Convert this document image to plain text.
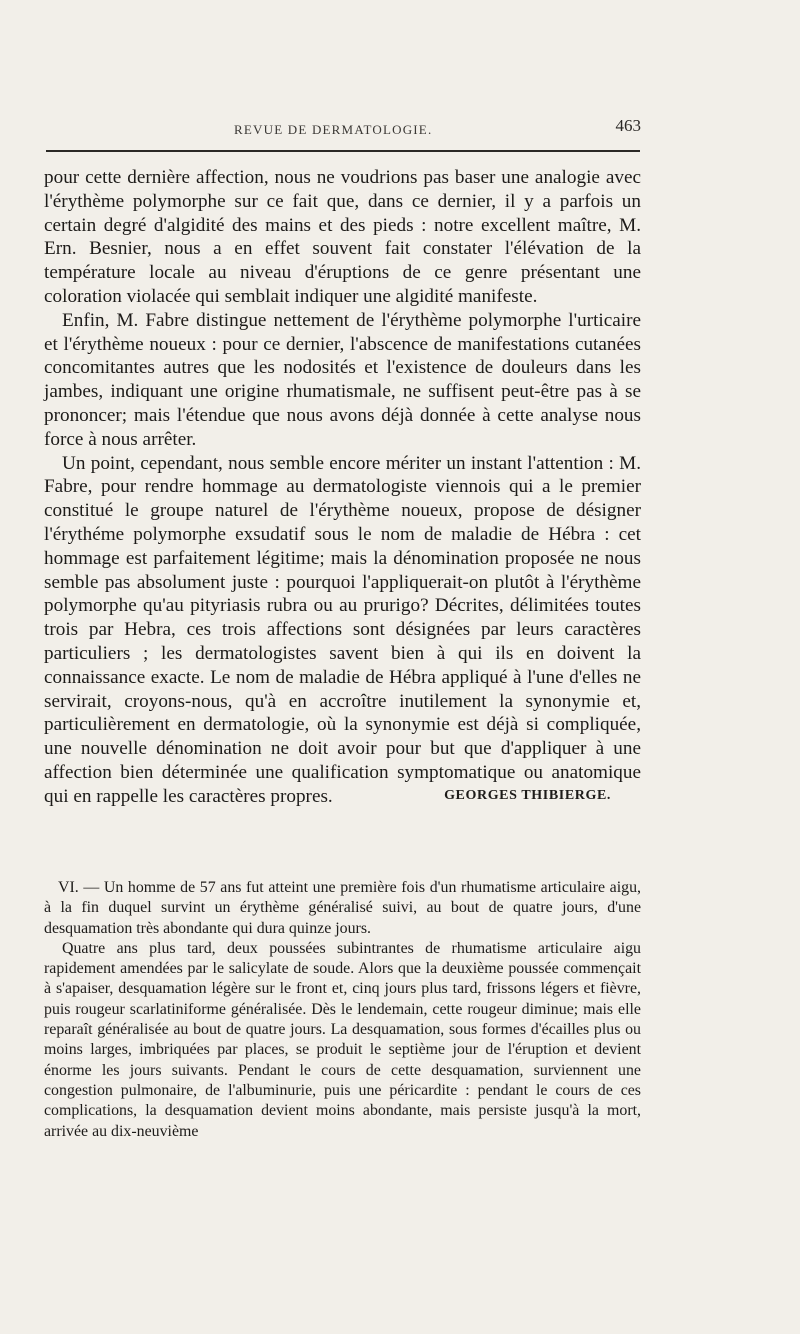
REVUE DE DERMATOLOGIE.	463

pour cette dernière affection, nous ne voudrions pas baser une analogie avec l'érythème polymorphe sur ce fait que, dans ce dernier, il y a parfois un certain degré d'algidité des mains et des pieds : notre excellent maître, M. Ern. Besnier, nous a en effet souvent fait constater l'élévation de la température locale au niveau d'éruptions de ce genre présentant une coloration violacée qui semblait indiquer une algidité manifeste.

Enfin, M. Fabre distingue nettement de l'érythème polymorphe l'urticaire et l'érythème noueux : pour ce dernier, l'abscence de manifestations cutanées concomitantes autres que les nodosités et l'existence de douleurs dans les jambes, indiquant une origine rhumatismale, ne suffisent peut-être pas à se prononcer; mais l'étendue que nous avons déjà donnée à cette analyse nous force à nous arrêter.

Un point, cependant, nous semble encore mériter un instant l'attention : M. Fabre, pour rendre hommage au dermatologiste viennois qui a le premier constitué le groupe naturel de l'érythème noueux, propose de désigner l'érythéme polymorphe exsudatif sous le nom de maladie de Hébra : cet hommage est parfaitement légitime; mais la dénomination proposée ne nous semble pas absolument juste : pourquoi l'appliquerait-on plutôt à l'érythème polymorphe qu'au pityriasis rubra ou au prurigo? Décrites, délimitées toutes trois par Hebra, ces trois affections sont désignées par leurs caractères particuliers ; les dermatologistes savent bien à qui ils en doivent la connaissance exacte. Le nom de maladie de Hébra appliqué à l'une d'elles ne servirait, croyons-nous, qu'à en accroître inutilement la synonymie et, particulièrement en dermatologie, où la synonymie est déjà si compliquée, une nouvelle dénomination ne doit avoir pour but que d'appliquer à une affection bien déterminée une qualification symptomatique ou anatomique qui en rappelle les caractères propres.	GEORGES THIBIERGE.

VI. — Un homme de 57 ans fut atteint une première fois d'un rhumatisme articulaire aigu, à la fin duquel survint un érythème généralisé suivi, au bout de quatre jours, d'une desquamation très abondante qui dura quinze jours.

Quatre ans plus tard, deux poussées subintrantes de rhumatisme articulaire aigu rapidement amendées par le salicylate de soude. Alors que la deuxième poussée commençait à s'apaiser, desquamation légère sur le front et, cinq jours plus tard, frissons légers et fièvre, puis rougeur scarlatiniforme généralisée. Dès le lendemain, cette rougeur diminue; mais elle reparaît généralisée au bout de quatre jours. La desquamation, sous formes d'écailles plus ou moins larges, imbriquées par places, se produit le septième jour de l'éruption et devient énorme les jours suivants. Pendant le cours de cette desquamation, surviennent une congestion pulmonaire, de l'albuminurie, puis une péricardite : pendant le cours de ces complications, la desquamation devient moins abondante, mais persiste jusqu'à la mort, arrivée au dix-neuvième
